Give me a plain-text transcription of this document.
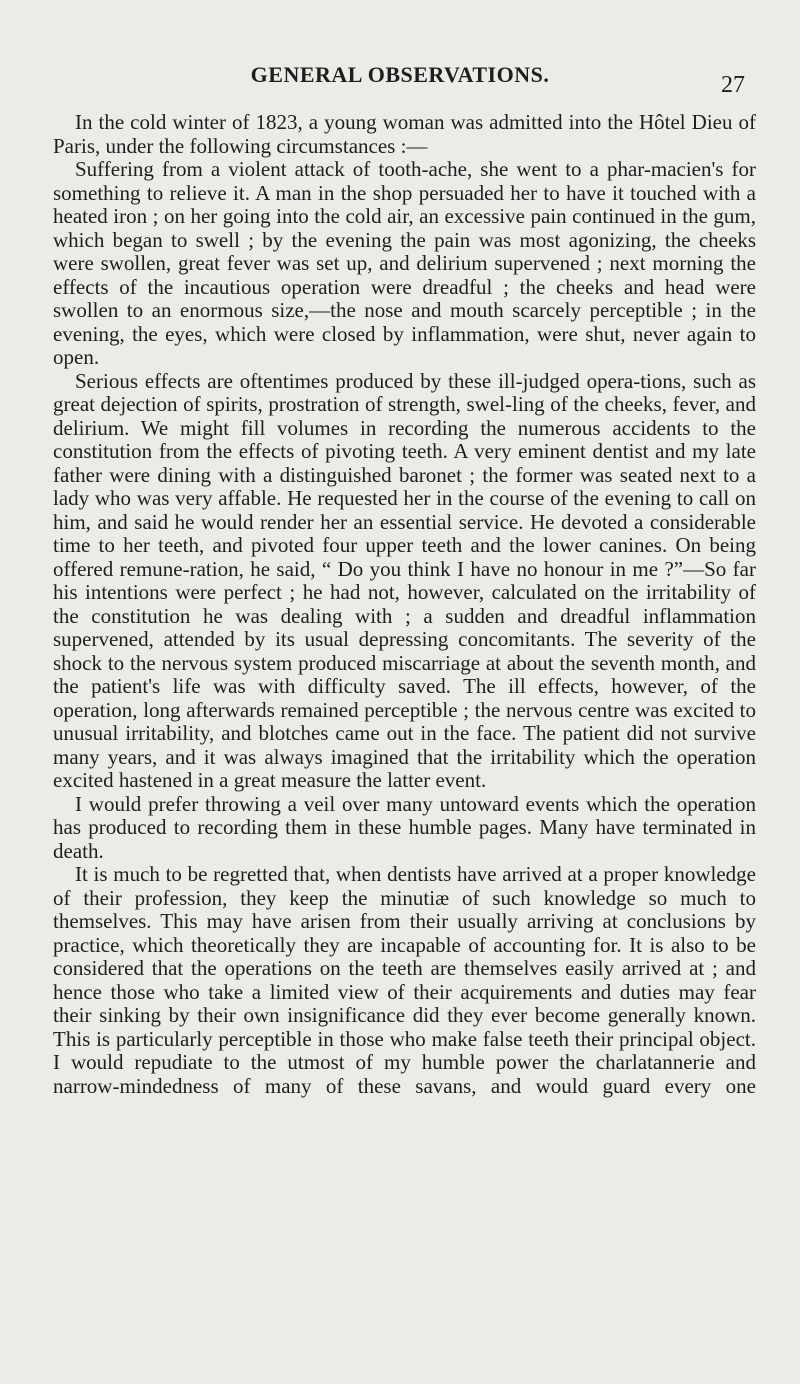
GENERAL OBSERVATIONS.	27

In the cold winter of 1823, a young woman was admitted into the Hôtel Dieu of Paris, under the following circumstances :—

Suffering from a violent attack of tooth-ache, she went to a phar-macien's for something to relieve it. A man in the shop persuaded her to have it touched with a heated iron ; on her going into the cold air, an excessive pain continued in the gum, which began to swell ; by the evening the pain was most agonizing, the cheeks were swollen, great fever was set up, and delirium supervened ; next morning the effects of the incautious operation were dreadful ; the cheeks and head were swollen to an enormous size,—the nose and mouth scarcely perceptible ; in the evening, the eyes, which were closed by inflammation, were shut, never again to open.

Serious effects are oftentimes produced by these ill-judged opera-tions, such as great dejection of spirits, prostration of strength, swel-ling of the cheeks, fever, and delirium. We might fill volumes in recording the numerous accidents to the constitution from the effects of pivoting teeth. A very eminent dentist and my late father were dining with a distinguished baronet ; the former was seated next to a lady who was very affable. He requested her in the course of the evening to call on him, and said he would render her an essential service. He devoted a considerable time to her teeth, and pivoted four upper teeth and the lower canines. On being offered remune-ration, he said, “ Do you think I have no honour in me ?”—So far his intentions were perfect ; he had not, however, calculated on the irritability of the constitution he was dealing with ; a sudden and dreadful inflammation supervened, attended by its usual depressing concomitants. The severity of the shock to the nervous system produced miscarriage at about the seventh month, and the patient's life was with difficulty saved. The ill effects, however, of the operation, long afterwards remained perceptible ; the nervous centre was excited to unusual irritability, and blotches came out in the face. The patient did not survive many years, and it was always imagined that the irritability which the operation excited hastened in a great measure the latter event.

I would prefer throwing a veil over many untoward events which the operation has produced to recording them in these humble pages. Many have terminated in death.

It is much to be regretted that, when dentists have arrived at a proper knowledge of their profession, they keep the minutiæ of such knowledge so much to themselves. This may have arisen from their usually arriving at conclusions by practice, which theoretically they are incapable of accounting for. It is also to be considered that the operations on the teeth are themselves easily arrived at ; and hence those who take a limited view of their acquirements and duties may fear their sinking by their own insignificance did they ever become generally known. This is particularly perceptible in those who make false teeth their principal object. I would repudiate to the utmost of my humble power the charlatannerie and narrow-mindedness of many of these savans, and would guard every one
